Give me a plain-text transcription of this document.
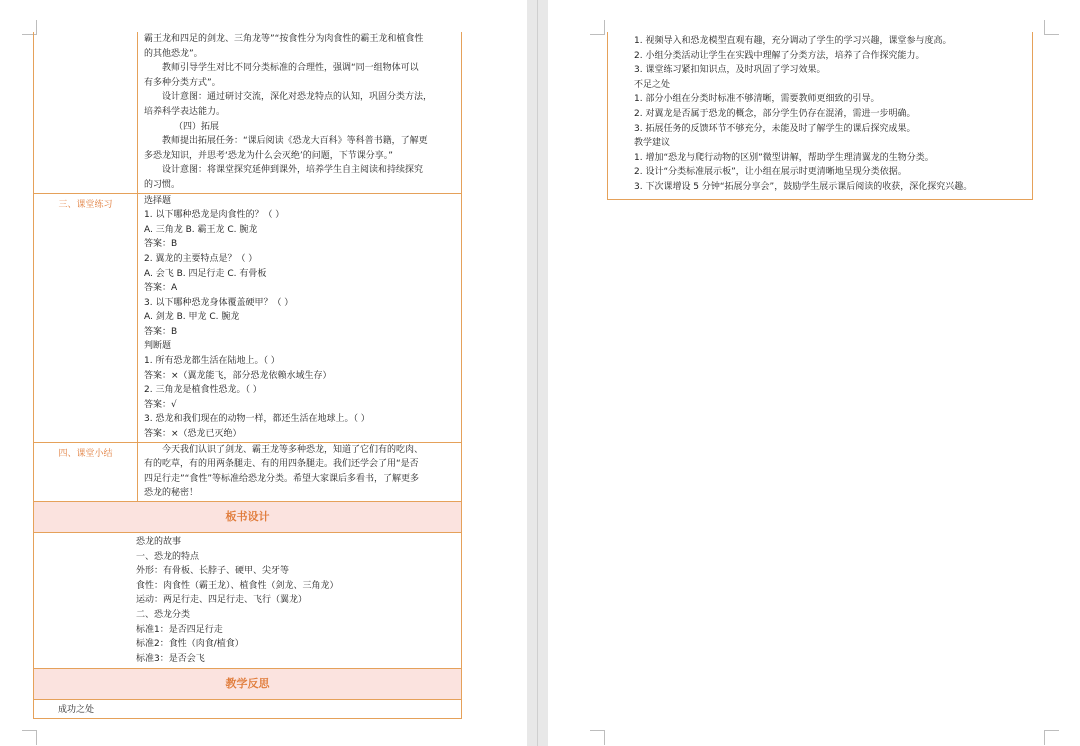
霸王龙和四足的剑龙、三角龙等”“按食性分为肉食性的霸王龙和植食性
的其他恐龙”。
教师引导学生对比不同分类标准的合理性，强调“同一组物体可以
有多种分类方式”。
设计意图：通过研讨交流，深化对恐龙特点的认知，巩固分类方法，
培养科学表达能力。
（四）拓展
教师提出拓展任务：“课后阅读《恐龙大百科》等科普书籍，了解更
多恐龙知识，并思考‘恐龙为什么会灭绝’的问题，下节课分享。”
设计意图：将课堂探究延伸到课外，培养学生自主阅读和持续探究
的习惯。
三、课堂练习	选择题
1. 以下哪种恐龙是肉食性的？（ ）
A. 三角龙 B. 霸王龙 C. 腕龙
答案：B
2. 翼龙的主要特点是？（ ）
A. 会飞 B. 四足行走 C. 有骨板
答案：A
3. 以下哪种恐龙身体覆盖硬甲？（ ）
A. 剑龙 B. 甲龙 C. 腕龙
答案：B
判断题
1. 所有恐龙都生活在陆地上。（ ）
答案：×（翼龙能飞，部分恐龙依赖水域生存）
2. 三角龙是植食性恐龙。（ ）
答案：√
3. 恐龙和我们现在的动物一样，都还生活在地球上。（ ）
答案：×（恐龙已灭绝）
四、课堂小结	今天我们认识了剑龙、霸王龙等多种恐龙，知道了它们有的吃肉、
有的吃草，有的用两条腿走、有的用四条腿走。我们还学会了用“是否
四足行走”“食性”等标准给恐龙分类。希望大家课后多看书，了解更多
恐龙的秘密！
板书设计
恐龙的故事
一、恐龙的特点
外形：有骨板、长脖子、硬甲、尖牙等
食性：肉食性（霸王龙）、植食性（剑龙、三角龙）
运动：两足行走、四足行走、飞行（翼龙）
二、恐龙分类
标准1：是否四足行走
标准2：食性（肉食/植食）
标准3：是否会飞
教学反思
成功之处
1. 视频导入和恐龙模型直观有趣，充分调动了学生的学习兴趣，课堂参与度高。
2. 小组分类活动让学生在实践中理解了分类方法，培养了合作探究能力。
3. 课堂练习紧扣知识点，及时巩固了学习效果。
不足之处
1. 部分小组在分类时标准不够清晰，需要教师更细致的引导。
2. 对翼龙是否属于恐龙的概念，部分学生仍存在混淆，需进一步明确。
3. 拓展任务的反馈环节不够充分，未能及时了解学生的课后探究成果。
教学建议
1. 增加“恐龙与爬行动物的区别”微型讲解，帮助学生理清翼龙的生物分类。
2. 设计“分类标准展示板”，让小组在展示时更清晰地呈现分类依据。
3. 下次课增设 5 分钟“拓展分享会”，鼓励学生展示课后阅读的收获，深化探究兴趣。
